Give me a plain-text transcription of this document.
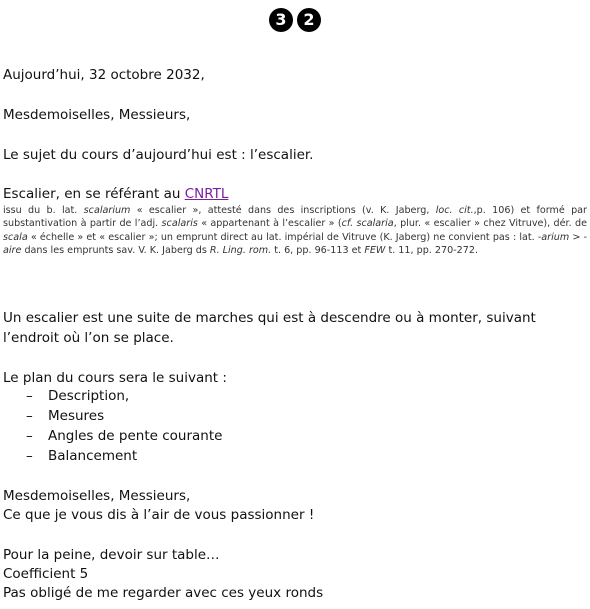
3 2
Aujourd’hui, 32 octobre 2032,
Mesdemoiselles, Messieurs,
Le sujet du cours d’aujourd’hui est : l’escalier.
Escalier, en se référant au CNRTL
issu du b. lat. scalarium « escalier », attesté dans des inscriptions (v. K. Jaberg, loc. cit.,p. 106) et formé par substantivation à partir de l’adj. scalaris « appartenant à l’escalier » (cf. scalaria, plur. « escalier » chez Vitruve), dér. de scala « échelle » et « escalier »; un emprunt direct au lat. impérial de Vitruve (K. Jaberg) ne convient pas : lat. -arium > -aire dans les emprunts sav. V. K. Jaberg ds R. Ling. rom. t. 6, pp. 96-113 et FEW t. 11, pp. 270-272.
Un escalier est une suite de marches qui est à descendre ou à monter, suivant l’endroit où l’on se place.
Le plan du cours sera le suivant :
– Description,
– Mesures
– Angles de pente courante
– Balancement
Mesdemoiselles, Messieurs,
Ce que je vous dis à l’air de vous passionner !
Pour la peine, devoir sur table…
Coefficient 5
Pas obligé de me regarder avec ces yeux ronds
